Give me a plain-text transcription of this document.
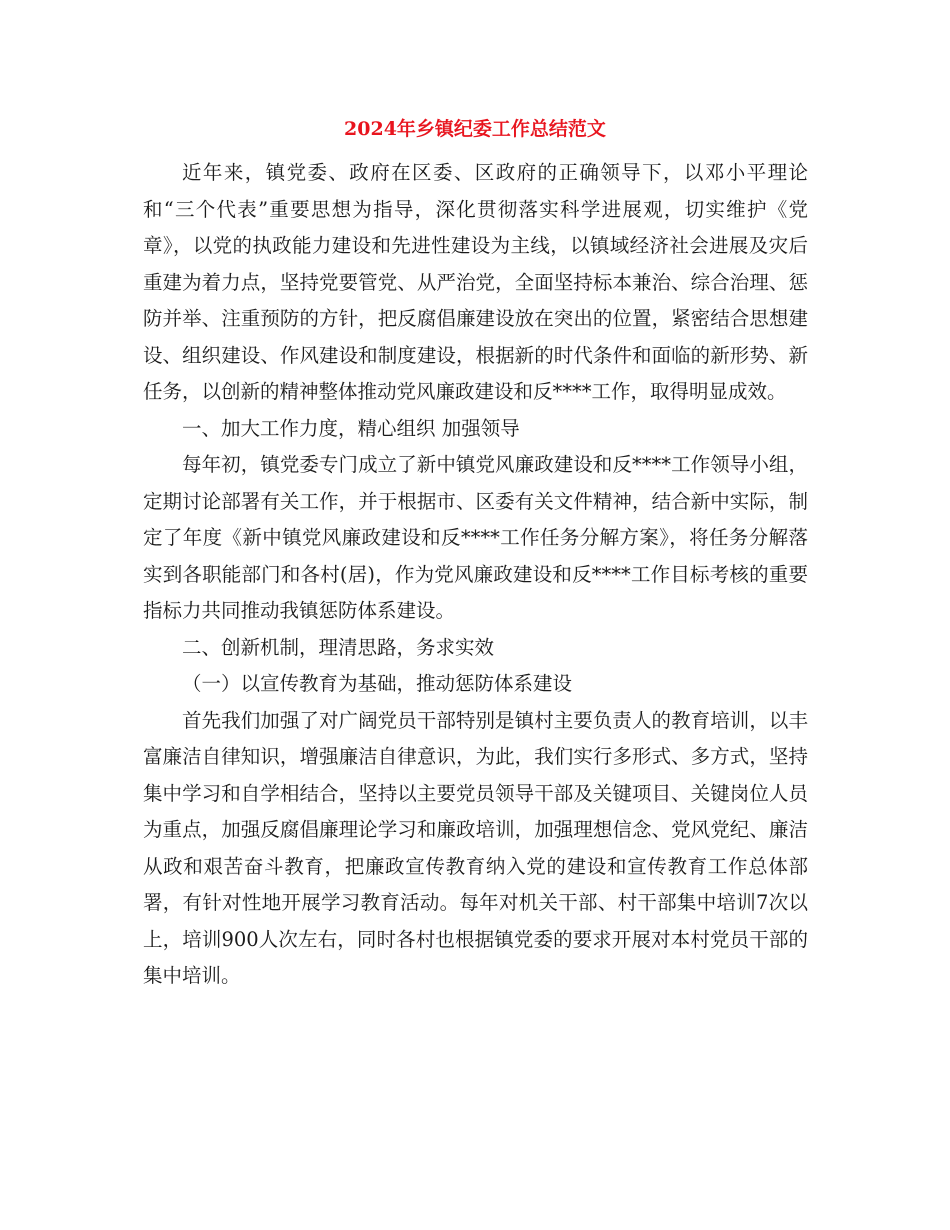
2024年乡镇纪委工作总结范文

近年来，镇党委、政府在区委、区政府的正确领导下，以邓小平理论和“三个代表”重要思想为指导，深化贯彻落实科学进展观，切实维护《党章》，以党的执政能力建设和先进性建设为主线，以镇域经济社会进展及灾后重建为着力点，坚持党要管党、从严治党，全面坚持标本兼治、综合治理、惩防并举、注重预防的方针，把反腐倡廉建设放在突出的位置，紧密结合思想建设、组织建设、作风建设和制度建设，根据新的时代条件和面临的新形势、新任务，以创新的精神整体推动党风廉政建设和反****工作，取得明显成效。

一、加大工作力度，精心组织 加强领导

每年初，镇党委专门成立了新中镇党风廉政建设和反****工作领导小组，定期讨论部署有关工作，并于根据市、区委有关文件精神，结合新中实际，制定了年度《新中镇党风廉政建设和反****工作任务分解方案》，将任务分解落实到各职能部门和各村(居)，作为党风廉政建设和反****工作目标考核的重要指标力共同推动我镇惩防体系建设。

二、创新机制，理清思路，务求实效

（一）以宣传教育为基础，推动惩防体系建设

首先我们加强了对广阔党员干部特别是镇村主要负责人的教育培训，以丰富廉洁自律知识，增强廉洁自律意识，为此，我们实行多形式、多方式，坚持集中学习和自学相结合，坚持以主要党员领导干部及关键项目、关键岗位人员为重点，加强反腐倡廉理论学习和廉政培训，加强理想信念、党风党纪、廉洁从政和艰苦奋斗教育，把廉政宣传教育纳入党的建设和宣传教育工作总体部署，有针对性地开展学习教育活动。每年对机关干部、村干部集中培训7次以上，培训900人次左右，同时各村也根据镇党委的要求开展对本村党员干部的集中培训。
